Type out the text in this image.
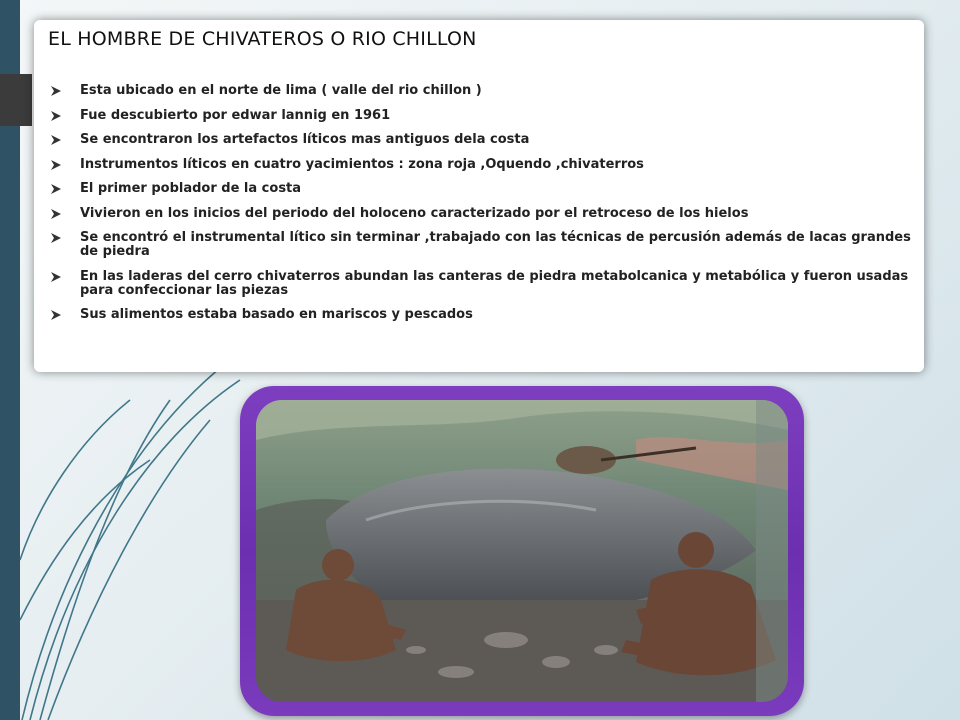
EL HOMBRE DE CHIVATEROS O RIO CHILLON
Esta ubicado en el norte de lima ( valle del rio chillon )
Fue descubierto por edwar lannig en 1961
Se encontraron los artefactos líticos mas antiguos dela costa
Instrumentos líticos en cuatro yacimientos : zona roja ,Oquendo ,chivaterros
El primer poblador de la costa
Vivieron en los inicios del periodo del holoceno caracterizado por el retroceso de los hielos
Se encontró el instrumental lítico sin terminar ,trabajado con las técnicas de percusión además de lacas grandes de piedra
En las laderas del cerro chivaterros abundan las canteras de piedra metabolcanica y metabólica y fueron usadas para confeccionar las piezas
Sus alimentos estaba basado en mariscos y pescados
